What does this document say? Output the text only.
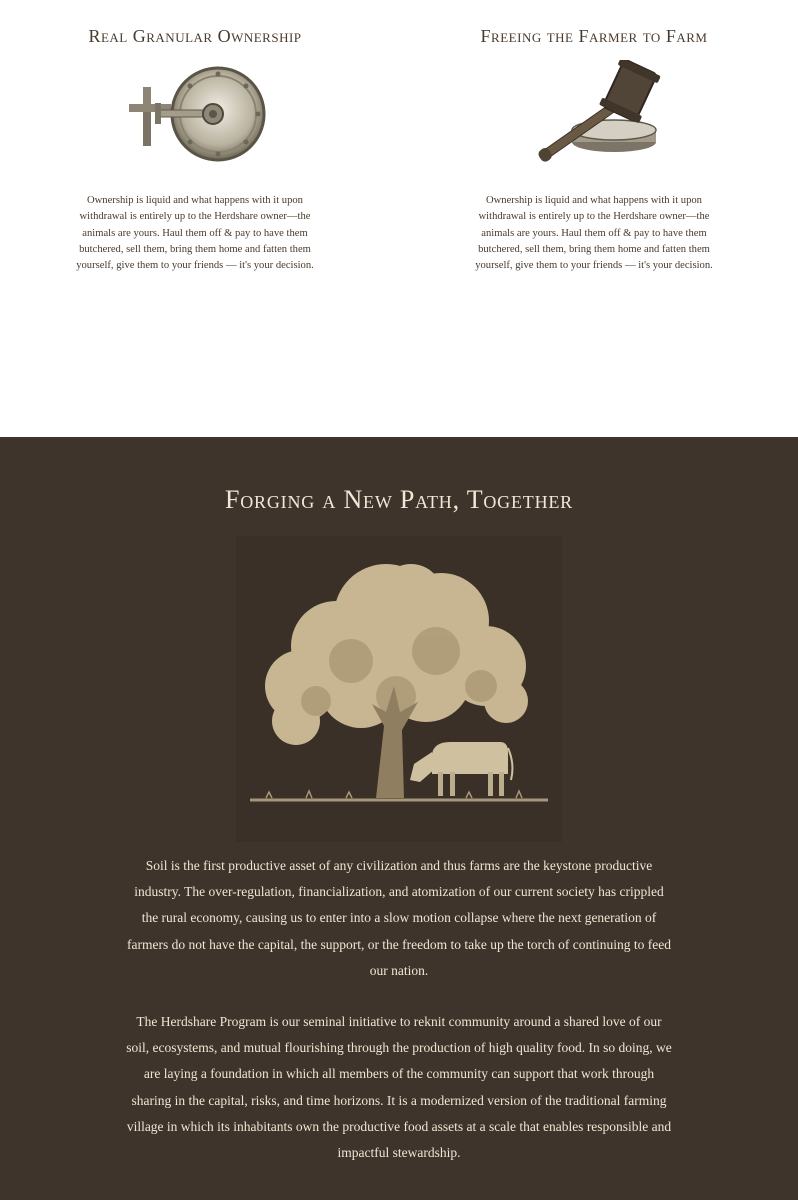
Real Granular Ownership

Ownership is liquid and what happens with it upon withdrawal is entirely up to the Herdshare owner—the animals are yours. Haul them off & pay to have them butchered, sell them, bring them home and fatten them yourself, give them to your friends — it's your decision.

Freeing the Farmer to Farm

Ownership is liquid and what happens with it upon withdrawal is entirely up to the Herdshare owner—the animals are yours. Haul them off & pay to have them butchered, sell them, bring them home and fatten them yourself, give them to your friends — it's your decision.

Forging a New Path, Together

Soil is the first productive asset of any civilization and thus farms are the keystone productive industry. The over-regulation, financialization, and atomization of our current society has crippled the rural economy, causing us to enter into a slow motion collapse where the next generation of farmers do not have the capital, the support, or the freedom to take up the torch of continuing to feed our nation.

The Herdshare Program is our seminal initiative to reknit community around a shared love of our soil, ecosystems, and mutual flourishing through the production of high quality food. In so doing, we are laying a foundation in which all members of the community can support that work through sharing in the capital, risks, and time horizons. It is a modernized version of the traditional farming village in which its inhabitants own the productive food assets at a scale that enables responsible and impactful stewardship.
